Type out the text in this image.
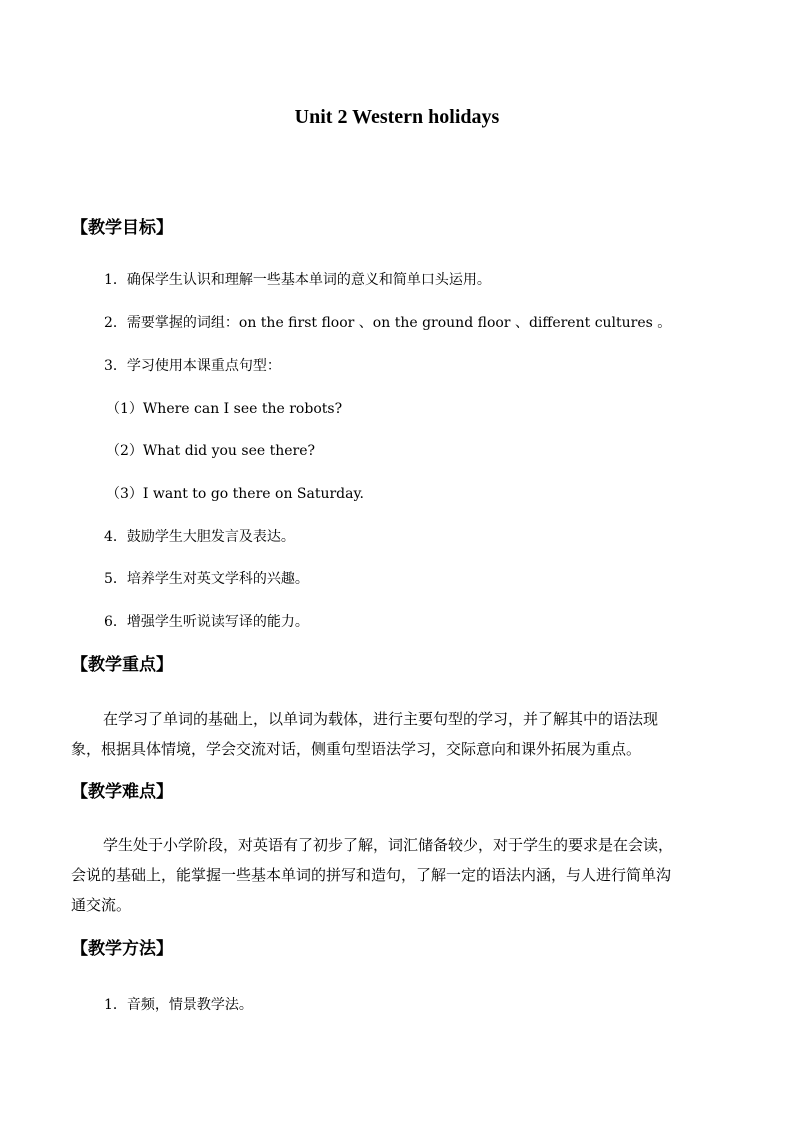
Unit 2 Western holidays
【教学目标】
1．确保学生认识和理解一些基本单词的意义和简单口头运用。
2．需要掌握的词组：on the first floor 、on the ground floor 、different cultures 。
3．学习使用本课重点句型：
（1）Where can I see the robots?
（2）What did you see there?
（3）I want to go there on Saturday.
4．鼓励学生大胆发言及表达。
5．培养学生对英文学科的兴趣。
6．增强学生听说读写译的能力。
【教学重点】
在学习了单词的基础上，以单词为载体，进行主要句型的学习，并了解其中的语法现
象，根据具体情境，学会交流对话，侧重句型语法学习，交际意向和课外拓展为重点。
【教学难点】
学生处于小学阶段，对英语有了初步了解，词汇储备较少，对于学生的要求是在会读，
会说的基础上，能掌握一些基本单词的拼写和造句，了解一定的语法内涵，与人进行简单沟
通交流。
【教学方法】
1．音频，情景教学法。
